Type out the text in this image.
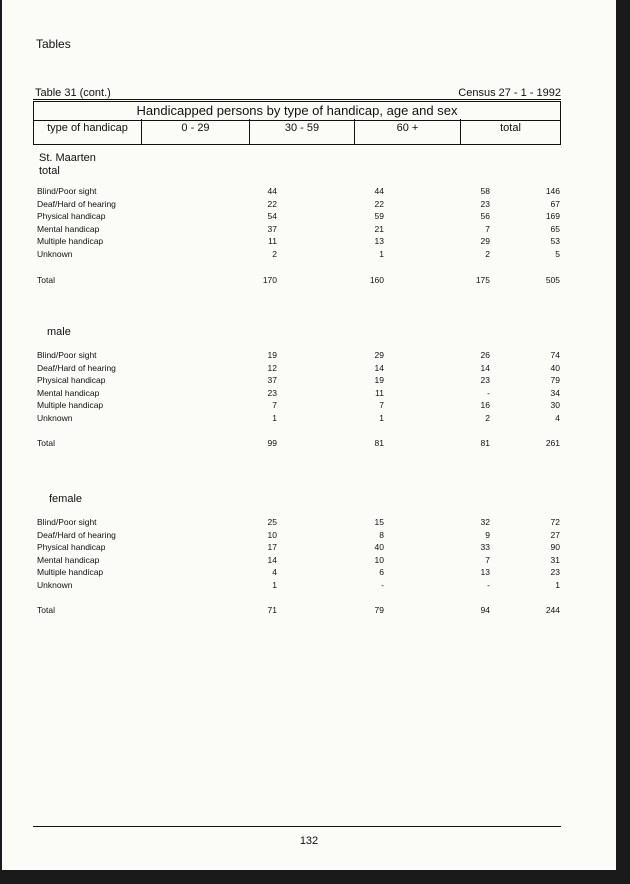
Tables
Table 31 (cont.)	Census 27 - 1 - 1992
Handicapped persons by type of handicap, age and sex
type of handicap	0 - 29	30 - 59	60 +	total
St. Maarten
total
Blind/Poor sight	44	44	58	146
Deaf/Hard of hearing	22	22	23	67
Physical handicap	54	59	56	169
Mental handicap	37	21	7	65
Multiple handicap	11	13	29	53
Unknown	2	1	2	5
Total	170	160	175	505
male
Blind/Poor sight	19	29	26	74
Deaf/Hard of hearing	12	14	14	40
Physical handicap	37	19	23	79
Mental handicap	23	11	-	34
Multiple handicap	7	7	16	30
Unknown	1	1	2	4
Total	99	81	81	261
female
Blind/Poor sight	25	15	32	72
Deaf/Hard of hearing	10	8	9	27
Physical handicap	17	40	33	90
Mental handicap	14	10	7	31
Multiple handicap	4	6	13	23
Unknown	1	-	-	1
Total	71	79	94	244
132
